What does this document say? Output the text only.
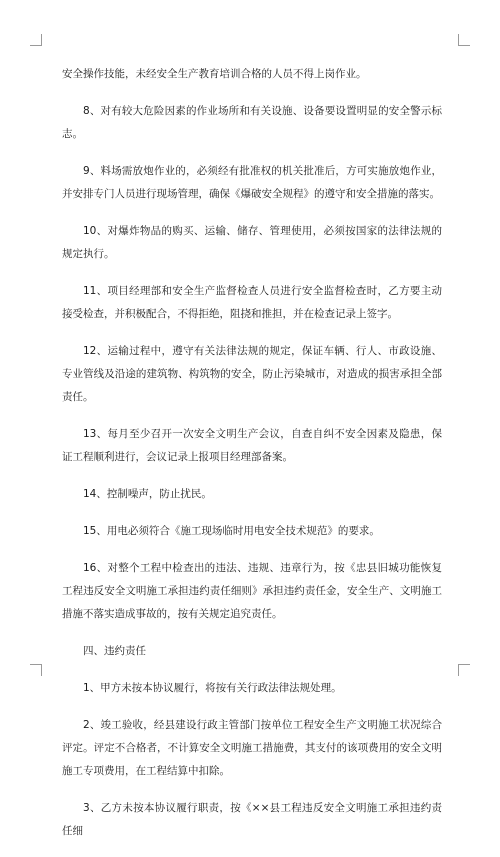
安全操作技能，未经安全生产教育培训合格的人员不得上岗作业。

8、对有较大危险因素的作业场所和有关设施、设备要设置明显的安全警示标志。

9、料场需放炮作业的，必须经有批准权的机关批准后，方可实施放炮作业，并安排专门人员进行现场管理，确保《爆破安全规程》的遵守和安全措施的落实。

10、对爆炸物品的购买、运输、储存、管理使用，必须按国家的法律法规的规定执行。

11、项目经理部和安全生产监督检查人员进行安全监督检查时，乙方要主动接受检查，并积极配合，不得拒绝，阻挠和推担，并在检查记录上签字。

12、运输过程中，遵守有关法律法规的规定，保证车辆、行人、市政设施、专业管线及沿途的建筑物、构筑物的安全，防止污染城市，对造成的损害承担全部责任。

13、每月至少召开一次安全文明生产会议，自查自纠不安全因素及隐患，保证工程顺利进行，会议记录上报项目经理部备案。

14、控制噪声，防止扰民。

15、用电必须符合《施工现场临时用电安全技术规范》的要求。

16、对整个工程中检查出的违法、违规、违章行为，按《忠县旧城功能恢复工程违反安全文明施工承担违约责任细则》承担违约责任金，安全生产、文明施工措施不落实造成事故的，按有关规定追究责任。

四、违约责任

1、甲方未按本协议履行，将按有关行政法律法规处理。

2、竣工验收，经县建设行政主管部门按单位工程安全生产文明施工状况综合评定。评定不合格者，不计算安全文明施工措施费，其支付的该项费用的安全文明施工专项费用，在工程结算中扣除。

3、乙方未按本协议履行职责，按《××县工程违反安全文明施工承担违约责任细
